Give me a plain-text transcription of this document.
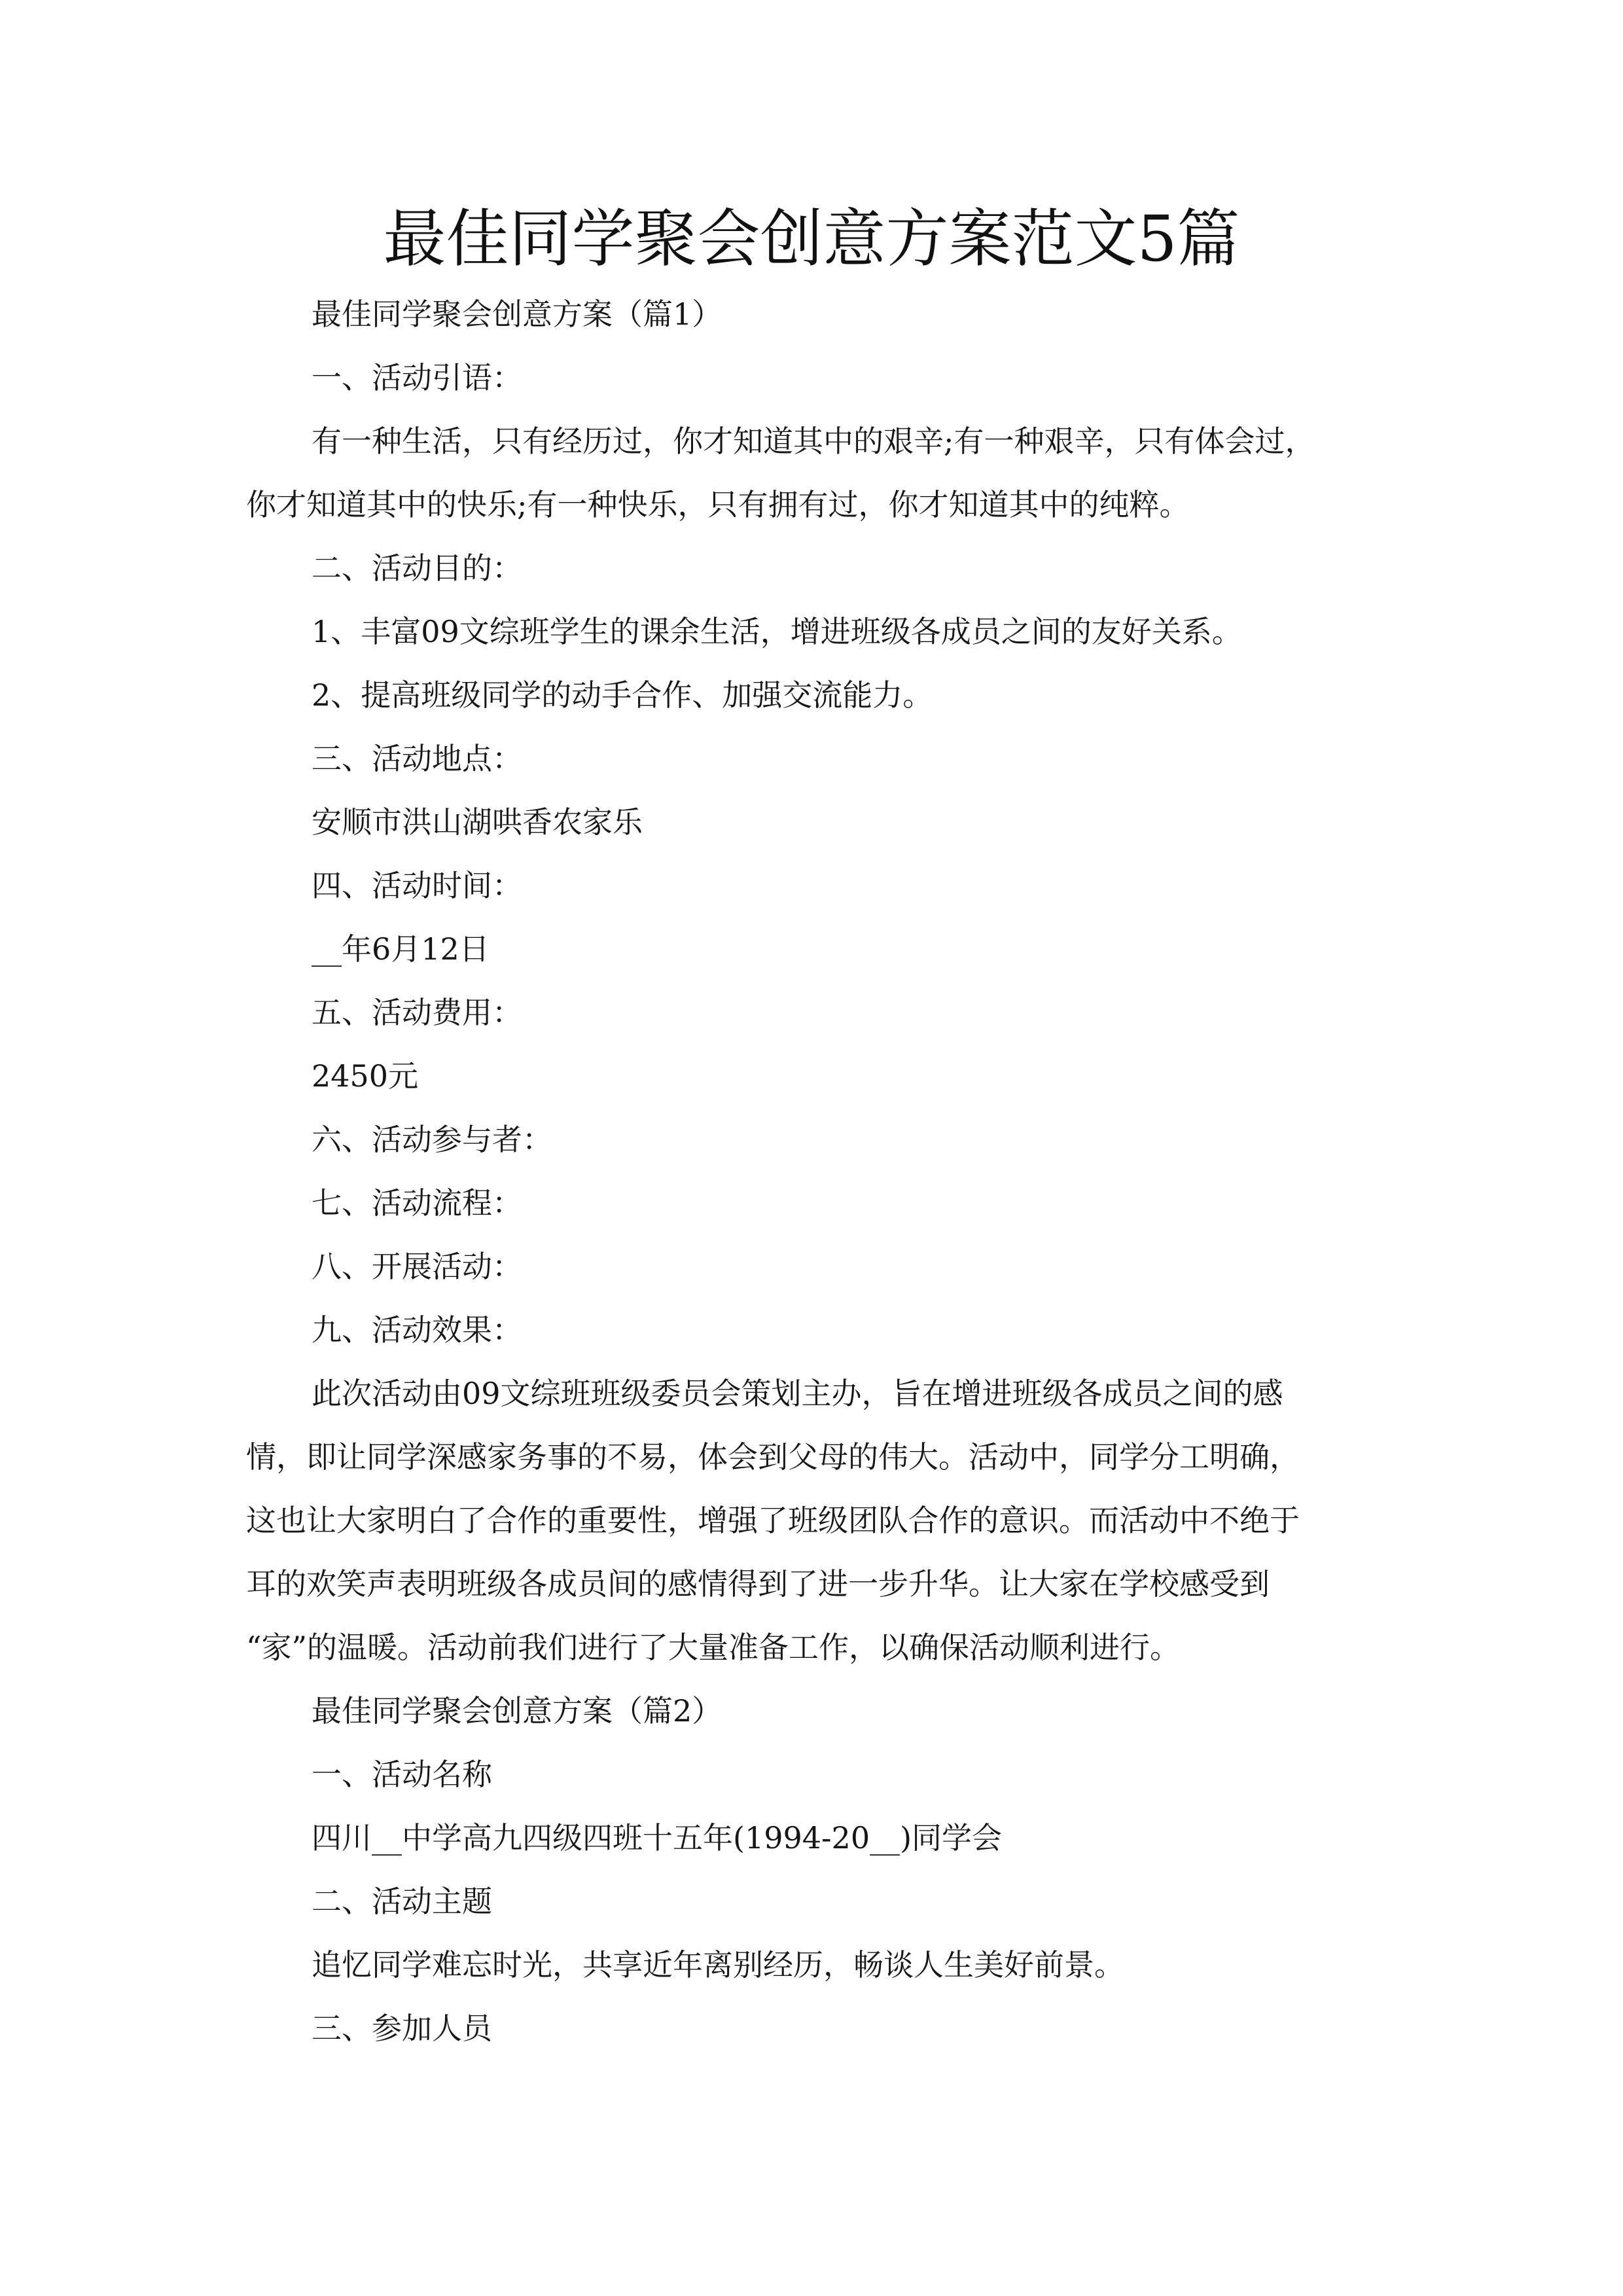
最佳同学聚会创意方案范文5篇

最佳同学聚会创意方案（篇1）

一、活动引语：

有一种生活，只有经历过，你才知道其中的艰辛;有一种艰辛，只有体会过，

你才知道其中的快乐;有一种快乐，只有拥有过，你才知道其中的纯粹。

二、活动目的：

1、丰富09文综班学生的课余生活，增进班级各成员之间的友好关系。

2、提高班级同学的动手合作、加强交流能力。

三、活动地点：

安顺市洪山湖哄香农家乐

四、活动时间：

__年6月12日

五、活动费用：

2450元

六、活动参与者：

七、活动流程：

八、开展活动：

九、活动效果：

此次活动由09文综班班级委员会策划主办，旨在增进班级各成员之间的感

情，即让同学深感家务事的不易，体会到父母的伟大。活动中，同学分工明确，

这也让大家明白了合作的重要性，增强了班级团队合作的意识。而活动中不绝于

耳的欢笑声表明班级各成员间的感情得到了进一步升华。让大家在学校感受到

“家”的温暖。活动前我们进行了大量准备工作，以确保活动顺利进行。

最佳同学聚会创意方案（篇2）

一、活动名称

四川__中学高九四级四班十五年(1994-20__)同学会

二、活动主题

追忆同学难忘时光，共享近年离别经历，畅谈人生美好前景。

三、参加人员
